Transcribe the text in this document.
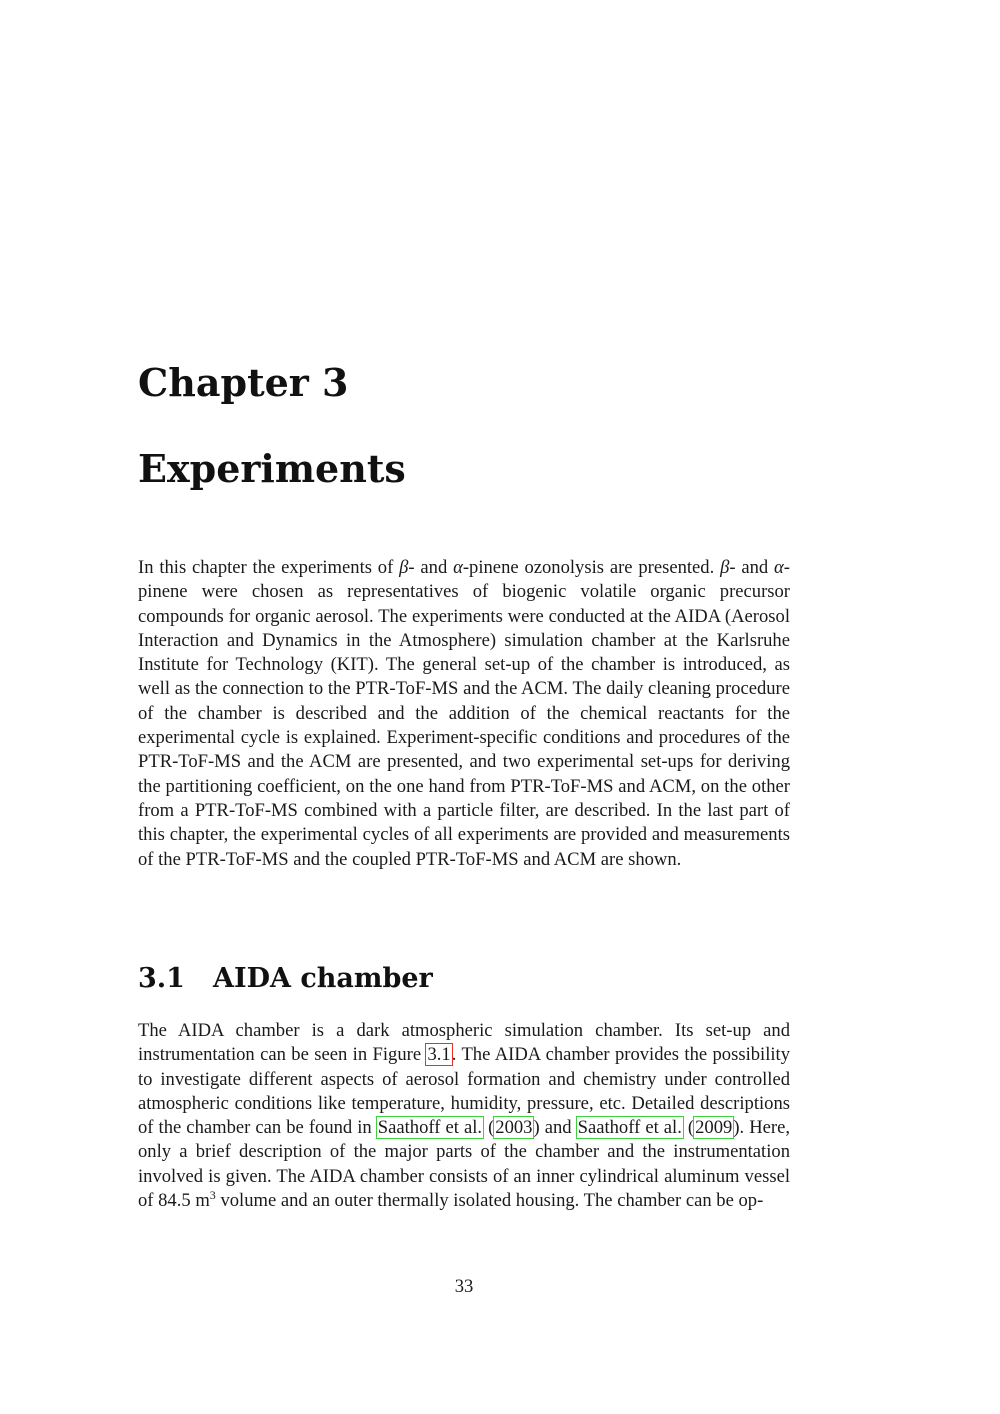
Chapter 3
Experiments

In this chapter the experiments of β- and α-pinene ozonolysis are presented. β- and α-pinene were chosen as representatives of biogenic volatile organic precursor compounds for organic aerosol. The experiments were conducted at the AIDA (Aerosol Interaction and Dynamics in the Atmosphere) simulation chamber at the Karlsruhe Institute for Technology (KIT). The general set-up of the chamber is introduced, as well as the connection to the PTR-ToF-MS and the ACM. The daily cleaning procedure of the chamber is described and the addition of the chemical reactants for the experimental cycle is explained. Experiment-specific conditions and procedures of the PTR-ToF-MS and the ACM are presented, and two experimental set-ups for deriving the partitioning coefficient, on the one hand from PTR-ToF-MS and ACM, on the other from a PTR-ToF-MS combined with a particle filter, are described. In the last part of this chapter, the experimental cycles of all experiments are provided and measurements of the PTR-ToF-MS and the coupled PTR-ToF-MS and ACM are shown.

3.1 AIDA chamber

The AIDA chamber is a dark atmospheric simulation chamber. Its set-up and instrumentation can be seen in Figure 3.1. The AIDA chamber provides the possibility to investigate different aspects of aerosol formation and chemistry under controlled atmospheric conditions like temperature, humidity, pressure, etc. Detailed descriptions of the chamber can be found in Saathoff et al. (2003) and Saathoff et al. (2009). Here, only a brief description of the major parts of the chamber and the instrumentation involved is given. The AIDA chamber consists of an inner cylindrical aluminum vessel of 84.5 $m^3$ volume and an outer thermally isolated housing. The chamber can be op-

33
